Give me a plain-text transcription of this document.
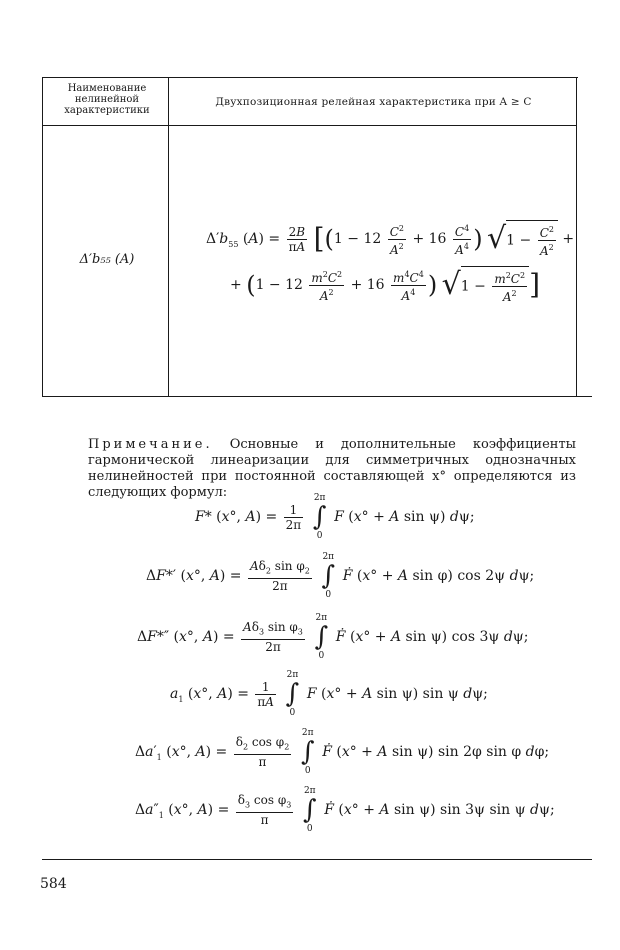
Наименование нелинейной характеристики
Двухпозиционная релейная характеристика при A ≥ C
Δ′b₅₅ (A)
$\Delta'b_{55}$ $(A) = \frac{2B}{\pi A} [(1 - 12 \frac{C^2}{A^2} + 16 \frac{C^4}{A^4}$ ) $√1 - \frac{C^2}{A^2}$ +
+ ($1 - 12 \frac{m^2C^2}{A^2} + 16 \frac{m^4C^4}{A^4}$ ) $√1 - \frac{m^2C^2}{A^2}$ ]
Примечание. Основные и дополнительные коэффициенты гармонической линеаризации для симметричных однозначных нелинейностей при постоянной составляющей x° определяются из следующих формул:
F* (x°, $A) = \frac{1}{2\pi}$

2π
∫
0
F (x° + A sin ψ) dψ;
ΔF*′ (x°, $A) = \frac{A\delta_2 \sin \varphi_2}{2\pi}$

2π
∫
0
Ḟ (x° + A sin φ) cos 2ψ dψ;
ΔF*″ (x°, $A) = \frac{A\delta_3 \sin \varphi_3}{2\pi}$

2π
∫
0
Ḟ (x° + A sin ψ) cos 3ψ dψ;
$a_1$ (x°, $A) = \frac{1}{\pi A}$

2π
∫
0
F (x° + A sin ψ) sin ψ dψ;
$\Delta a'_1$ (x°, $A) = \frac{\delta_2 \cos \varphi_2}{\pi}$

2π
∫
0
Ḟ (x° + A sin ψ) sin 2φ sin φ dφ;
$\Delta a''_1$ (x°, $A) = \frac{\delta_3 \cos \varphi_3}{\pi}$

2π
∫
0
Ḟ (x° + A sin ψ) sin 3ψ sin ψ dψ;
584
